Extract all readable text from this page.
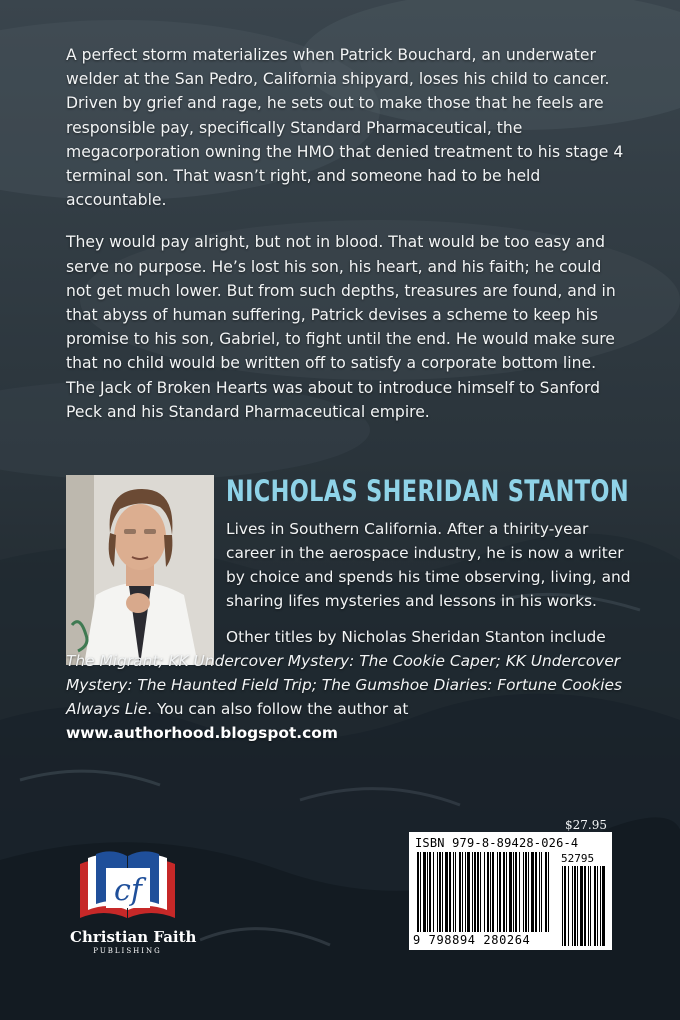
A perfect storm materializes when Patrick Bouchard, an underwater welder at the San Pedro, California shipyard, loses his child to cancer. Driven by grief and rage, he sets out to make those that he feels are responsible pay, specifically Standard Pharmaceutical, the megacorporation owning the HMO that denied treatment to his stage 4 terminal son. That wasn’t right, and someone had to be held accountable.

They would pay alright, but not in blood. That would be too easy and serve no purpose. He’s lost his son, his heart, and his faith; he could not get much lower. But from such depths, treasures are found, and in that abyss of human suffering, Patrick devises a scheme to keep his promise to his son, Gabriel, to fight until the end. He would make sure that no child would be written off to satisfy a corporate bottom line. The Jack of Broken Hearts was about to introduce himself to Sanford Peck and his Standard Pharmaceutical empire.

NICHOLAS SHERIDAN STANTON
Lives in Southern California. After a thirity-year career in the aerospace industry, he is now a writer by choice and spends his time observing, living, and sharing lifes mysteries and lessons in his works.
Other titles by Nicholas Sheridan Stanton include The Migrant; KK Undercover Mystery: The Cookie Caper; KK Undercover Mystery: The Haunted Field Trip; The Gumshoe Diaries: Fortune Cookies Always Lie. You can also follow the author at www.authorhood.blogspot.com
cf
Christian Faith
PUBLISHING
$27.95
ISBN 979-8-89428-026-4
52795
9 798894 280264
